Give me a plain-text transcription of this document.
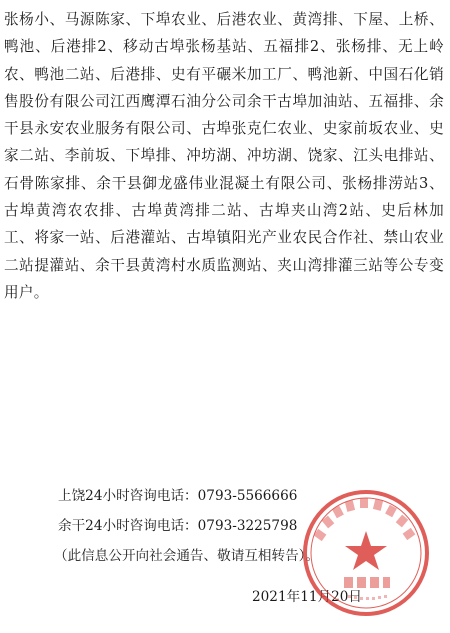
张杨小、马源陈家、下埠农业、后港农业、黄湾排、下屋、上桥、鸭池、后港排2、移动古埠张杨基站、五福排2、张杨排、无上岭农、鸭池二站、后港排、史有平碾米加工厂、鸭池新、中国石化销售股份有限公司江西鹰潭石油分公司余干古埠加油站、五福排、余干县永安农业服务有限公司、古埠张克仁农业、史家前坂农业、史家二站、李前坂、下埠排、冲坊湖、冲坊湖、饶家、江头电排站、石骨陈家排、余干县御龙盛伟业混凝土有限公司、张杨排涝站3、古埠黄湾农农排、古埠黄湾排二站、古埠夹山湾2站、史后林加工、将家一站、后港灌站、古埠镇阳光产业农民合作社、禁山农业二站提灌站、余干县黄湾村水质监测站、夹山湾排灌三站等公专变用户。
上饶24小时咨询电话：0793-5566666
余干24小时咨询电话：0793-3225798
（此信息公开向社会通告、敬请互相转告）。
2021年11月20日
